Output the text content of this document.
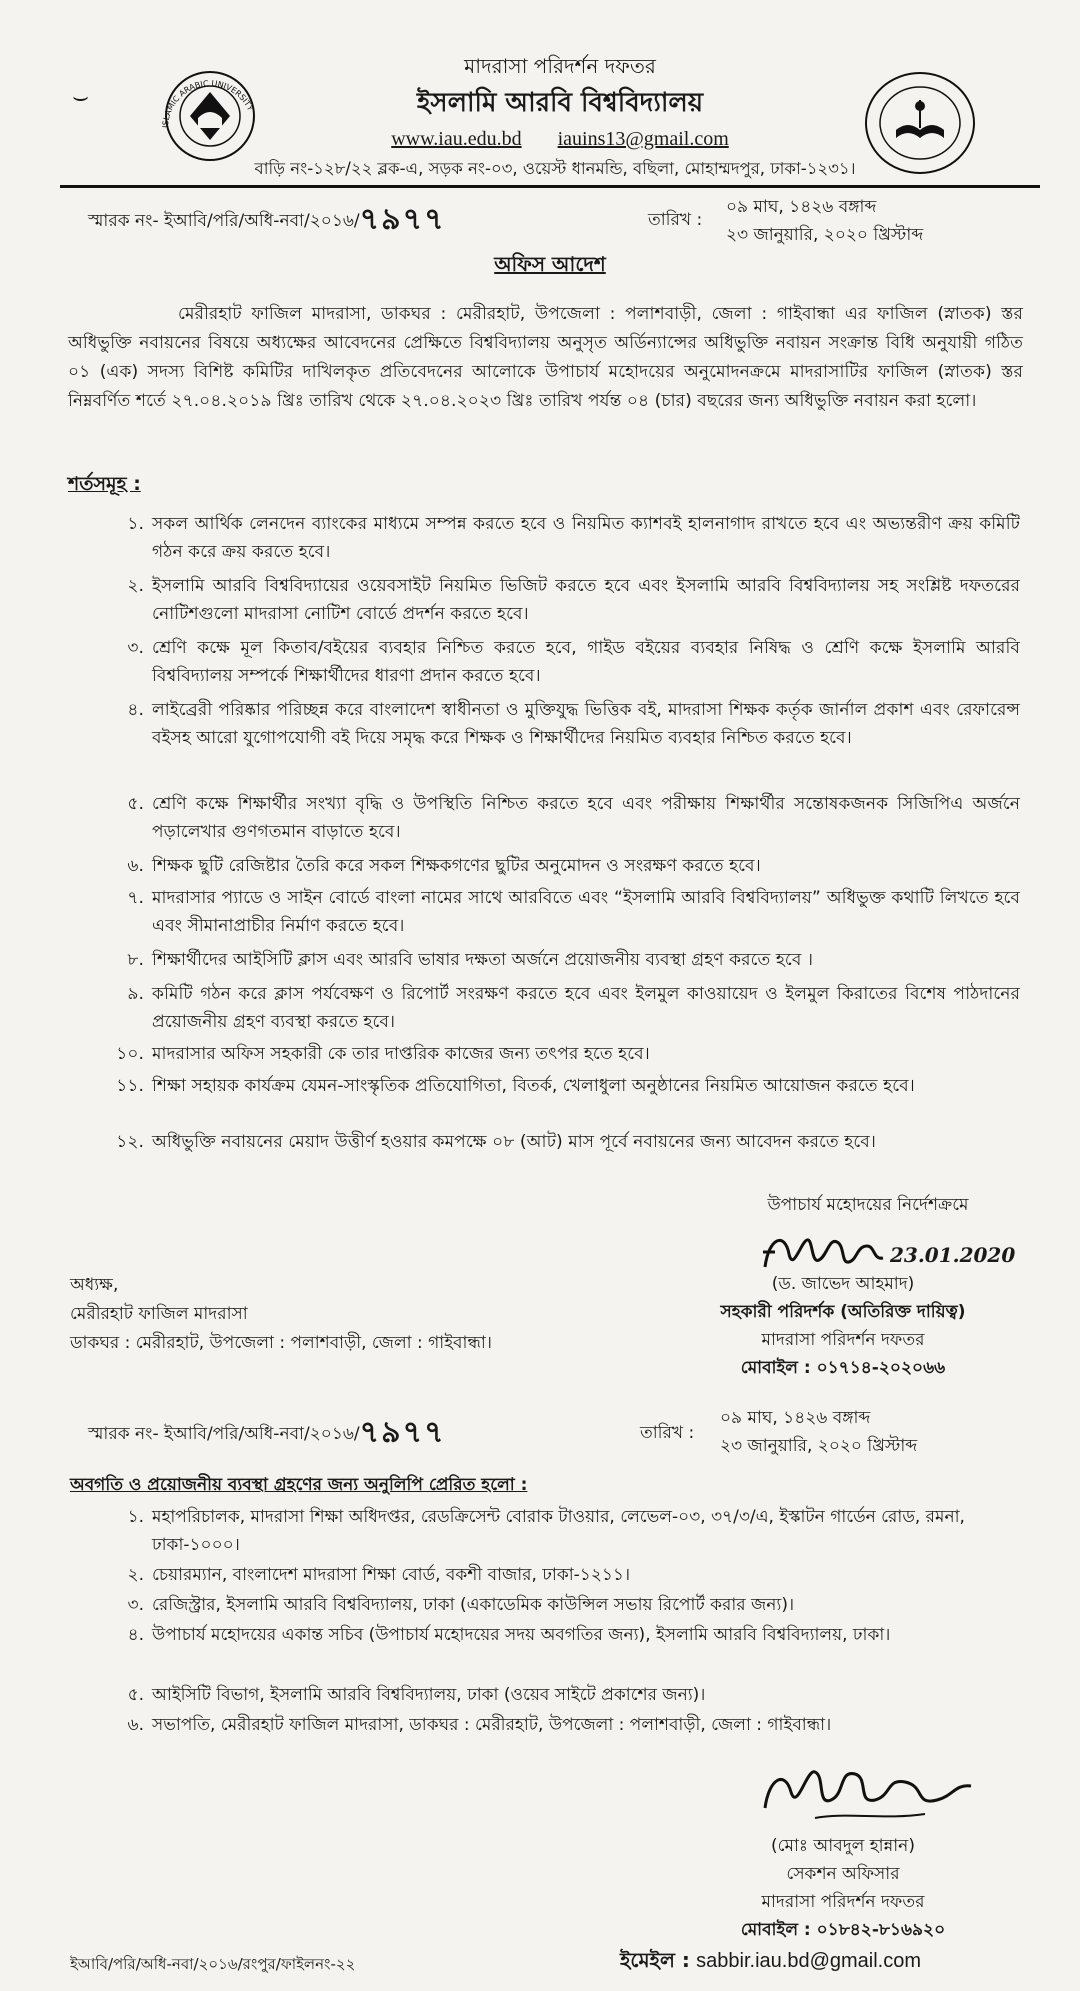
⌣
ISLAMIC ARABIC UNIVERSITY
মাদরাসা পরিদর্শন দফতর
ইসলামি আরবি বিশ্ববিদ্যালয়
www.iau.edu.bd iauins13@gmail.com
বাড়ি নং-১২৮/২২ ব্লক-এ, সড়ক নং-০৩, ওয়েস্ট ধানমন্ডি, বছিলা, মোহাম্মদপুর, ঢাকা-১২৩১।
স্মারক নং- ইআবি/পরি/অধি-নবা/২০১৬/৭৯৭৭	তারিখ :
০৯ মাঘ, ১৪২৬ বঙ্গাব্দ
২৩ জানুয়ারি, ২০২০ খ্রিস্টাব্দ
অফিস আদেশ
মেরীরহাট ফাজিল মাদরাসা, ডাকঘর : মেরীরহাট, উপজেলা : পলাশবাড়ী, জেলা : গাইবান্ধা এর ফাজিল (স্নাতক) স্তর অধিভুক্তি নবায়নের বিষয়ে অধ্যক্ষের আবেদনের প্রেক্ষিতে বিশ্ববিদ্যালয় অনুসৃত অর্ডিন্যান্সের অধিভুক্তি নবায়ন সংক্রান্ত বিধি অনুযায়ী গঠিত ০১ (এক) সদস্য বিশিষ্ট কমিটির দাখিলকৃত প্রতিবেদনের আলোকে উপাচার্য মহোদয়ের অনুমোদনক্রমে মাদরাসাটির ফাজিল (স্নাতক) স্তর নিম্নবর্ণিত শর্তে ২৭.০৪.২০১৯ খ্রিঃ তারিখ থেকে ২৭.০৪.২০২৩ খ্রিঃ তারিখ পর্যন্ত ০৪ (চার) বছরের জন্য অধিভুক্তি নবায়ন করা হলো।
শর্তসমূহ :
১. সকল আর্থিক লেনদেন ব্যাংকের মাধ্যমে সম্পন্ন করতে হবে ও নিয়মিত ক্যাশবই হালনাগাদ রাখতে হবে এং অভ্যন্তরীণ ক্রয় কমিটি গঠন করে ক্রয় করতে হবে।
২. ইসলামি আরবি বিশ্ববিদ্যায়ের ওয়েবসাইট নিয়মিত ভিজিট করতে হবে এবং ইসলামি আরবি বিশ্ববিদ্যালয় সহ সংশ্লিষ্ট দফতরের নোটিশগুলো মাদরাসা নোটিশ বোর্ডে প্রদর্শন করতে হবে।
৩. শ্রেণি কক্ষে মূল কিতাব/বইয়ের ব্যবহার নিশ্চিত করতে হবে, গাইড বইয়ের ব্যবহার নিষিদ্ধ ও শ্রেণি কক্ষে ইসলামি আরবি বিশ্ববিদ্যালয় সম্পর্কে শিক্ষার্থীদের ধারণা প্রদান করতে হবে।
৪. লাইব্রেরী পরিষ্কার পরিচ্ছন্ন করে বাংলাদেশ স্বাধীনতা ও মুক্তিযুদ্ধ ভিত্তিক বই, মাদরাসা শিক্ষক কর্তৃক জার্নাল প্রকাশ এবং রেফারেন্স বইসহ আরো যুগোপযোগী বই দিয়ে সমৃদ্ধ করে শিক্ষক ও শিক্ষার্থীদের নিয়মিত ব্যবহার নিশ্চিত করতে হবে।
৫. শ্রেণি কক্ষে শিক্ষার্থীর সংখ্যা বৃদ্ধি ও উপস্থিতি নিশ্চিত করতে হবে এবং পরীক্ষায় শিক্ষার্থীর সন্তোষকজনক সিজিপিএ অর্জনে পড়ালেখার গুণগতমান বাড়াতে হবে।
৬. শিক্ষক ছুটি রেজিষ্টার তৈরি করে সকল শিক্ষকগণের ছুটির অনুমোদন ও সংরক্ষণ করতে হবে।
৭. মাদরাসার প্যাডে ও সাইন বোর্ডে বাংলা নামের সাথে আরবিতে এবং “ইসলামি আরবি বিশ্ববিদ্যালয়” অধিভুক্ত কথাটি লিখতে হবে এবং সীমানাপ্রাচীর নির্মাণ করতে হবে।
৮. শিক্ষার্থীদের আইসিটি ক্লাস এবং আরবি ভাষার দক্ষতা অর্জনে প্রয়োজনীয় ব্যবস্থা গ্রহণ করতে হবে ।
৯. কমিটি গঠন করে ক্লাস পর্যবেক্ষণ ও রিপোর্ট সংরক্ষণ করতে হবে এবং ইলমুল কাওয়ায়েদ ও ইলমুল কিরাতের বিশেষ পাঠদানের প্রয়োজনীয় গ্রহণ ব্যবস্থা করতে হবে।
১০. মাদরাসার অফিস সহকারী কে তার দাপ্তরিক কাজের জন্য তৎপর হতে হবে।
১১. শিক্ষা সহায়ক কার্যক্রম যেমন-সাংস্কৃতিক প্রতিযোগিতা, বিতর্ক, খেলাধুলা অনুষ্ঠানের নিয়মিত আয়োজন করতে হবে।
১২. অধিভুক্তি নবায়নের মেয়াদ উত্তীর্ণ হওয়ার কমপক্ষে ০৮ (আট) মাস পূর্বে নবায়নের জন্য আবেদন করতে হবে।
উপাচার্য মহোদয়ের নির্দেশক্রমে
23.01.2020
অধ্যক্ষ,
মেরীরহাট ফাজিল মাদরাসা
ডাকঘর : মেরীরহাট, উপজেলা : পলাশবাড়ী, জেলা : গাইবান্ধা।
(ড. জাভেদ আহমাদ)
সহকারী পরিদর্শক (অতিরিক্ত দায়িত্ব)
মাদরাসা পরিদর্শন দফতর
মোবাইল : ০১৭১৪-২০২০৬৬
স্মারক নং- ইআবি/পরি/অধি-নবা/২০১৬/৭৯৭৭	তারিখ :
০৯ মাঘ, ১৪২৬ বঙ্গাব্দ
২৩ জানুয়ারি, ২০২০ খ্রিস্টাব্দ
অবগতি ও প্রয়োজনীয় ব্যবস্থা গ্রহণের জন্য অনুলিপি প্রেরিত হলো :
১. মহাপরিচালক, মাদরাসা শিক্ষা অধিদপ্তর, রেডক্রিসেন্ট বোরাক টাওয়ার, লেভেল-০৩, ৩৭/৩/এ, ইস্কাটন গার্ডেন রোড, রমনা, ঢাকা-১০০০।
২. চেয়ারম্যান, বাংলাদেশ মাদরাসা শিক্ষা বোর্ড, বকশী বাজার, ঢাকা-১২১১।
৩. রেজিস্ট্রার, ইসলামি আরবি বিশ্ববিদ্যালয়, ঢাকা (একাডেমিক কাউন্সিল সভায় রিপোর্ট করার জন্য)।
৪. উপাচার্য মহোদয়ের একান্ত সচিব (উপাচার্য মহোদয়ের সদয় অবগতির জন্য), ইসলামি আরবি বিশ্ববিদ্যালয়, ঢাকা।
৫. আইসিটি বিভাগ, ইসলামি আরবি বিশ্ববিদ্যালয়, ঢাকা (ওয়েব সাইটে প্রকাশের জন্য)।
৬. সভাপতি, মেরীরহাট ফাজিল মাদরাসা, ডাকঘর : মেরীরহাট, উপজেলা : পলাশবাড়ী, জেলা : গাইবান্ধা।
(মোঃ আবদুল হান্নান)
সেকশন অফিসার
মাদরাসা পরিদর্শন দফতর
মোবাইল : ০১৮৪২-৮১৬৯২০
ইআবি/পরি/অধি-নবা/২০১৬/রংপুর/ফাইলনং-২২	ইমেইল : sabbir.iau.bd@gmail.com
